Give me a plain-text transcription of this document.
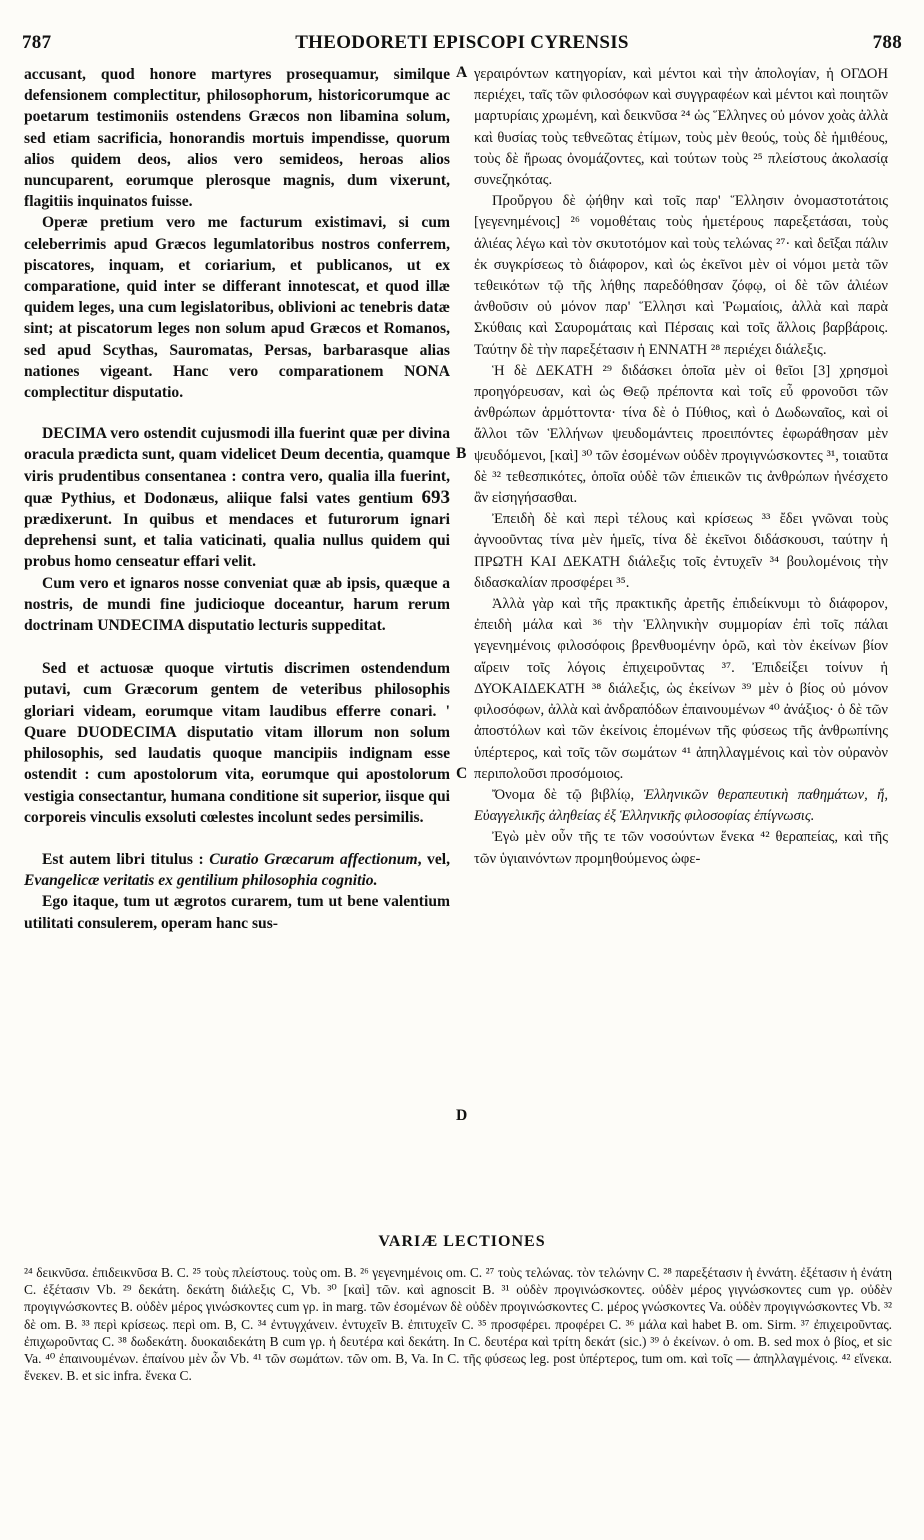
787	THEODORETI EPISCOPI CYRENSIS	788

accusant, quod honore martyres prosequamur, similque defensionem complectitur, philosophorum, historicorumque ac poetarum testimoniis ostendens Græcos non libamina solum, sed etiam sacrificia, honorandis mortuis impendisse, quorum alios quidem deos, alios vero semideos, heroas alios nuncuparent, eorumque plerosque magnis, dum vixerunt, flagitiis inquinatos fuisse.

Operæ pretium vero me facturum existimavi, si cum celeberrimis apud Græcos legumlatoribus nostros conferrem, piscatores, inquam, et coriarium, et publicanos, ut ex comparatione, quid inter se differant innotescat, et quod illæ quidem leges, una cum legislatoribus, oblivioni ac tenebris datæ sint; at piscatorum leges non solum apud Græcos et Romanos, sed apud Scythas, Sauromatas, Persas, barbarasque alias nationes vigeant. Hanc vero comparationem NONA complectitur disputatio.

DECIMA vero ostendit cujusmodi illa fuerint quæ per divina oracula prædicta sunt, quam videlicet Deum decentia, quamque viris prudentibus consentanea : contra vero, qualia illa fuerint, quæ Pythius, et Dodonæus, aliique falsi vates gentium 693 prædixerunt. In quibus et mendaces et futurorum ignari deprehensi sunt, et talia vaticinati, qualia nullus quidem qui probus homo censeatur effari velit.

Cum vero et ignaros nosse conveniat quæ ab ipsis, quæque a nostris, de mundi fine judicioque doceantur, harum rerum doctrinam UNDECIMA disputatio lecturis suppeditat.

Sed et actuosæ quoque virtutis discrimen ostendendum putavi, cum Græcorum gentem de veteribus philosophis gloriari videam, eorumque vitam laudibus efferre conari. ' Quare DUODECIMA disputatio vitam illorum non solum philosophis, sed laudatis quoque mancipiis indignam esse ostendit : cum apostolorum vita, eorumque qui apostolorum vestigia consectantur, humana conditione sit superior, iisque qui corporeis vinculis exsoluti cœlestes incolunt sedes persimilis.

Est autem libri titulus : Curatio Græcarum affectionum, vel, Evangelicæ veritatis ex gentilium philosophia cognitio.

Ego itaque, tum ut ægrotos curarem, tum ut bene valentium utilitati consulerem, operam hanc sus-

A
B
C
D

γεραιρόντων κατηγορίαν, καὶ μέντοι καὶ τὴν ἀπολογίαν, ἡ ΟΓΔΟΗ περιέχει, ταῖς τῶν φιλοσόφων καὶ συγγραφέων καὶ μέντοι καὶ ποιητῶν μαρτυρίαις χρωμένη, καὶ δεικνῦσα ²⁴ ὡς Ἕλληνες οὐ μόνον χοὰς ἀλλὰ καὶ θυσίας τοὺς τεθνεῶτας ἐτίμων, τοὺς μὲν θεούς, τοὺς δὲ ἡμιθέους, τοὺς δὲ ἥρωας ὀνομάζοντες, καὶ τούτων τοὺς ²⁵ πλείστους ἀκολασίᾳ συνεζηκότας.

Προὔργου δὲ ᾠήθην καὶ τοῖς παρ' Ἕλλησιν ὀνομαστοτάτοις [γεγενημένοις] ²⁶ νομοθέταις τοὺς ἡμετέρους παρεξετάσαι, τοὺς ἁλιέας λέγω καὶ τὸν σκυτοτόμον καὶ τοὺς τελώνας ²⁷· καὶ δεῖξαι πάλιν ἐκ συγκρίσεως τὸ διάφορον, καὶ ὡς ἐκεῖνοι μὲν οἱ νόμοι μετὰ τῶν τεθεικότων τῷ τῆς λήθης παρεδόθησαν ζόφῳ, οἱ δὲ τῶν ἁλιέων ἀνθοῦσιν οὐ μόνον παρ' Ἕλλησι καὶ Ῥωμαίοις, ἀλλὰ καὶ παρὰ Σκύθαις καὶ Σαυρομάταις καὶ Πέρσαις καὶ τοῖς ἄλλοις βαρβάροις. Ταύτην δὲ τὴν παρεξέτασιν ἡ ΕΝΝΑΤΗ ²⁸ περιέχει διάλεξις.

Ἡ δὲ ΔΕΚΑΤΗ ²⁹ διδάσκει ὁποῖα μὲν οἱ θεῖοι [3] χρησμοὶ προηγόρευσαν, καὶ ὡς Θεῷ πρέποντα καὶ τοῖς εὖ φρονοῦσι τῶν ἀνθρώπων ἁρμόττοντα· τίνα δὲ ὁ Πύθιος, καὶ ὁ Δωδωναῖος, καὶ οἱ ἄλλοι τῶν Ἑλλήνων ψευδομάντεις προειπόντες ἐφωράθησαν μὲν ψευδόμενοι, [καὶ] ³⁰ τῶν ἐσομένων οὐδὲν προγιγνώσκοντες ³¹, τοιαῦτα δὲ ³² τεθεσπικότες, ὁποῖα οὐδὲ τῶν ἐπιεικῶν τις ἀνθρώπων ἠνέσχετο ἂν εἰσηγήσασθαι.

Ἐπειδὴ δὲ καὶ περὶ τέλους καὶ κρίσεως ³³ ἔδει γνῶναι τοὺς ἀγνοοῦντας τίνα μὲν ἡμεῖς, τίνα δὲ ἐκεῖνοι διδάσκουσι, ταύτην ἡ ΠΡΩΤΗ ΚΑΙ ΔΕΚΑΤΗ διάλεξις τοῖς ἐντυχεῖν ³⁴ βουλομένοις τὴν διδασκαλίαν προσφέρει ³⁵.

Ἀλλὰ γὰρ καὶ τῆς πρακτικῆς ἀρετῆς ἐπιδείκνυμι τὸ διάφορον, ἐπειδὴ μάλα καὶ ³⁶ τὴν Ἑλληνικὴν συμμορίαν ἐπὶ τοῖς πάλαι γεγενημένοις φιλοσόφοις βρενθυομένην ὁρῶ, καὶ τὸν ἐκείνων βίον αἴρειν τοῖς λόγοις ἐπιχειροῦντας ³⁷. Ἐπιδείξει τοίνυν ἡ ΔΥΟΚΑΙΔΕΚΑΤΗ ³⁸ διάλεξις, ὡς ἐκείνων ³⁹ μὲν ὁ βίος οὐ μόνον φιλοσόφων, ἀλλὰ καὶ ἀνδραπόδων ἐπαινουμένων ⁴⁰ ἀνάξιος· ὁ δὲ τῶν ἀποστόλων καὶ τῶν ἐκείνοις ἑπομένων τῆς φύσεως τῆς ἀνθρωπίνης ὑπέρτερος, καὶ τοῖς τῶν σωμάτων ⁴¹ ἀπηλλαγμένοις καὶ τὸν οὐρανὸν περιπολοῦσι προσόμοιος.

Ὄνομα δὲ τῷ βιβλίῳ, Ἑλληνικῶν θεραπευτικὴ παθημάτων, ἤ, Εὐαγγελικῆς ἀληθείας ἐξ Ἑλληνικῆς φιλοσοφίας ἐπίγνωσις.

Ἐγὼ μὲν οὖν τῆς τε τῶν νοσούντων ἕνεκα ⁴² θεραπείας, καὶ τῆς τῶν ὑγιαινόντων προμηθούμενος ὠφε-

VARIÆ LECTIONES
²⁴ δεικνῦσα. ἐπιδεικνῦσα B. C. ²⁵ τοὺς πλείστους. τοὺς om. B. ²⁶ γεγενημένοις om. C. ²⁷ τοὺς τελώνας. τὸν τελώνην C. ²⁸ παρεξέτασιν ἡ ἐννάτη. ἐξέτασιν ἡ ἐνάτη C. ἐξέτασιν Vb. ²⁹ δεκάτη. δεκάτη διάλεξις C, Vb. ³⁰ [καὶ] τῶν. καὶ agnoscit B. ³¹ οὐδὲν προγινώσκοντες. οὐδὲν μέρος γιγνώσκοντες cum γρ. οὐδὲν προγιγνώσκοντες B. οὐδὲν μέρος γινώσκοντες cum γρ. in marg. τῶν ἐσομένων δὲ οὐδὲν προγινώσκοντες C. μέρος γνώσκοντες Va. οὐδὲν προγιγνώσκοντες Vb. ³² δὲ om. B. ³³ περὶ κρίσεως. περὶ om. B, C. ³⁴ ἐντυγχάνειν. ἐντυχεῖν B. ἐπιτυχεῖν C. ³⁵ προσφέρει. προφέρει C. ³⁶ μάλα καὶ habet B. om. Sirm. ³⁷ ἐπιχειροῦντας. ἐπιχωροῦντας C. ³⁸ δωδεκάτη. δυοκαιδεκάτη B cum γρ. ἡ δευτέρα καὶ δεκάτη. In C. δευτέρα καὶ τρίτη δεκάτ (sic.) ³⁹ ὁ ἐκείνων. ὁ om. B. sed mox ὁ βίος, et sic Va. ⁴⁰ ἐπαινουμένων. ἐπαίνου μὲν ὧν Vb. ⁴¹ τῶν σωμάτων. τῶν om. B, Va. In C. τῆς φύσεως leg. post ὑπέρτερος, tum om. καὶ τοῖς — ἀπηλλαγμένοις. ⁴² εἵνεκα. ἕνεκεν. B. et sic infra. ἕνεκα C.
